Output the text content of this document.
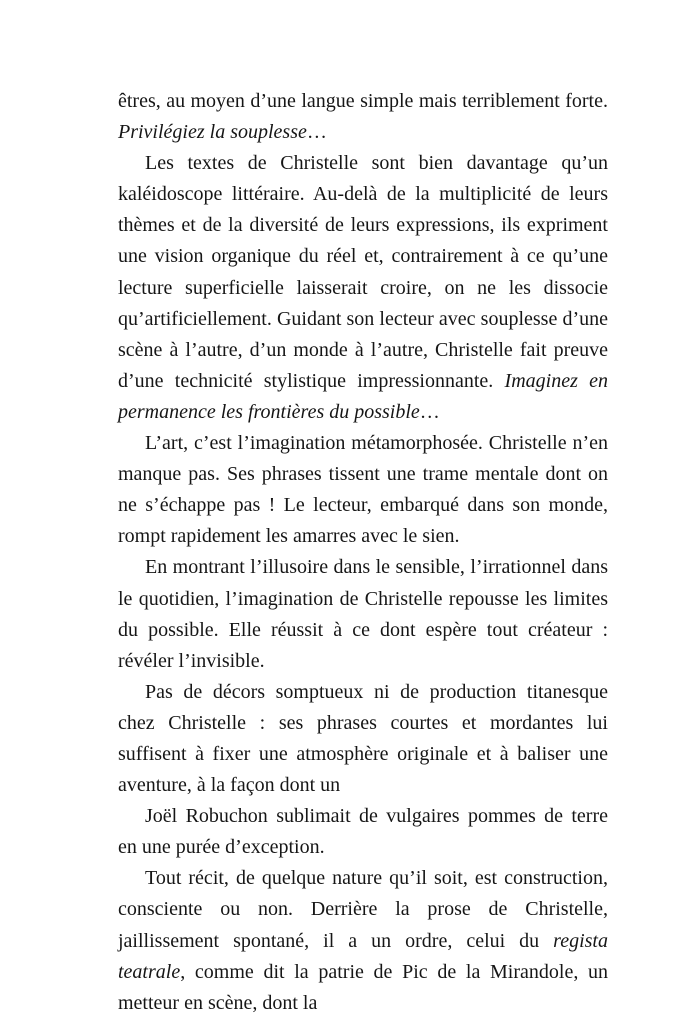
êtres, au moyen d’une langue simple mais terriblement forte. Privilégiez la souplesse…

Les textes de Christelle sont bien davantage qu’un kaléidoscope littéraire. Au-delà de la multiplicité de leurs thèmes et de la diversité de leurs expressions, ils expriment une vision organique du réel et, contrairement à ce qu’une lecture superficielle laisserait croire, on ne les dissocie qu’artificiellement. Guidant son lecteur avec souplesse d’une scène à l’autre, d’un monde à l’autre, Christelle fait preuve d’une technicité stylistique impressionnante. Imaginez en permanence les frontières du possible…

L’art, c’est l’imagination métamorphosée. Christelle n’en manque pas. Ses phrases tissent une trame mentale dont on ne s’échappe pas ! Le lecteur, embarqué dans son monde, rompt rapidement les amarres avec le sien.

En montrant l’illusoire dans le sensible, l’irrationnel dans le quotidien, l’imagination de Christelle repousse les limites du possible. Elle réussit à ce dont espère tout créateur : révéler l’invisible.

Pas de décors somptueux ni de production titanesque chez Christelle : ses phrases courtes et mordantes lui suffisent à fixer une atmosphère originale et à baliser une aventure, à la façon dont un

Joël Robuchon sublimait de vulgaires pommes de terre en une purée d’exception.

Tout récit, de quelque nature qu’il soit, est construction, consciente ou non. Derrière la prose de Christelle, jaillissement spontané, il a un ordre, celui du regista teatrale, comme dit la patrie de Pic de la Mirandole, un metteur en scène, dont la
